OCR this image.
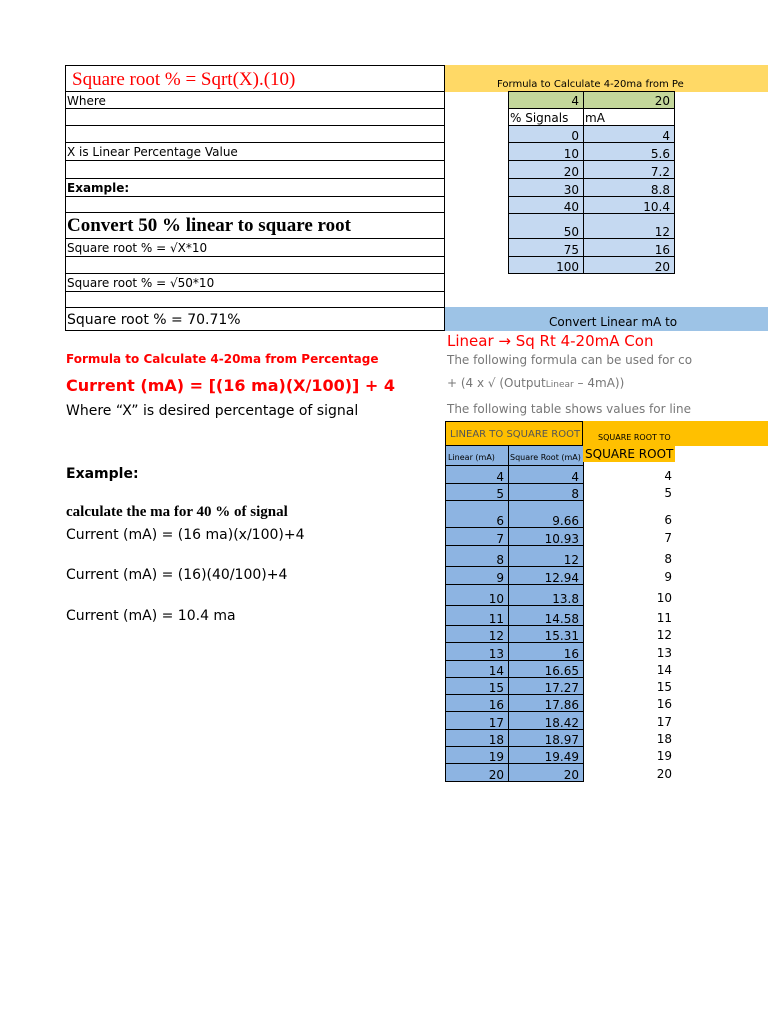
Square root % = Sqrt(X).(10)
Where
X is Linear Percentage Value
Example:
Convert 50 % linear to square root
Square root % = √X*10
Square root % = √50*10
Square root % = 70.71%
Formula to Calculate 4-20ma from Percentage
Current (mA) = [(16 ma)(X/100)] + 4
Where “X” is desired percentage of signal
Example:
calculate the ma for 40 % of signal
Current (mA) = (16 ma)(x/100)+4
Current (mA) = (16)(40/100)+4
Current (mA) = 10.4 ma
Formula to Calculate 4-20ma from Pe
4	20
% Signals	mA
0	4
10	5.6
20	7.2
30	8.8
40	10.4
50	12
75	16
100	20
Convert Linear mA to
Linear → Sq Rt 4-20mA Con
The following formula can be used for co
+ (4 x √ (OutputLinear – 4mA))
The following table shows values for line
LINEAR TO SQUARE ROOT	SQUARE ROOT TO
Linear (mA)	Square Root (mA) SQUARE ROOT
4	4	4
5	8	5
6	9.66	6
7	10.93	7
8	12	8
9	12.94	9
10	13.8	10
11	14.58	11
12	15.31	12
13	16	13
14	16.65	14
15	17.27	15
16	17.86	16
17	18.42	17
18	18.97	18
19	19.49	19
20	20	20
